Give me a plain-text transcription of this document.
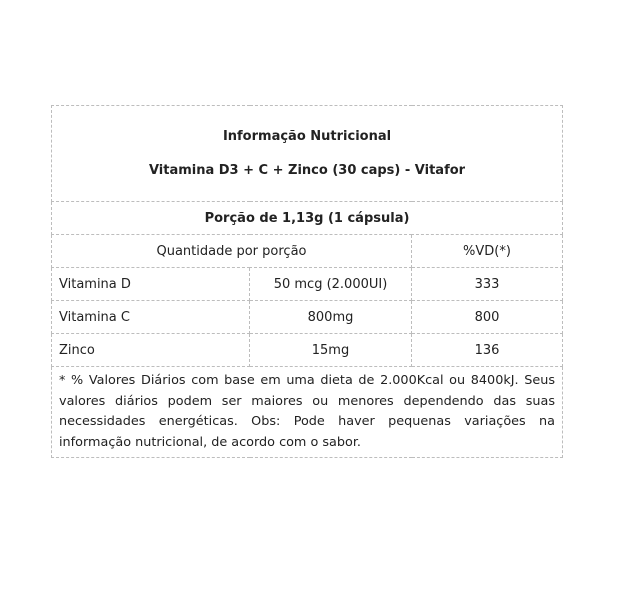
Informação Nutricional
Vitamina D3 + C + Zinco (30 caps) - Vitafor		

Porção de 1,13g (1 cápsula)		
Quantidade por porção		%VD(*)
Vitamina D	50 mcg (2.000UI)	333
Vitamina C	800mg	800
Zinco	15mg	136
* % Valores Diários com base em uma dieta de 2.000Kcal ou 8400kJ. Seus valores diários podem ser maiores ou menores dependendo das suas necessidades energéticas. Obs: Pode haver pequenas variações na informação nutricional, de acordo com o sabor.		
